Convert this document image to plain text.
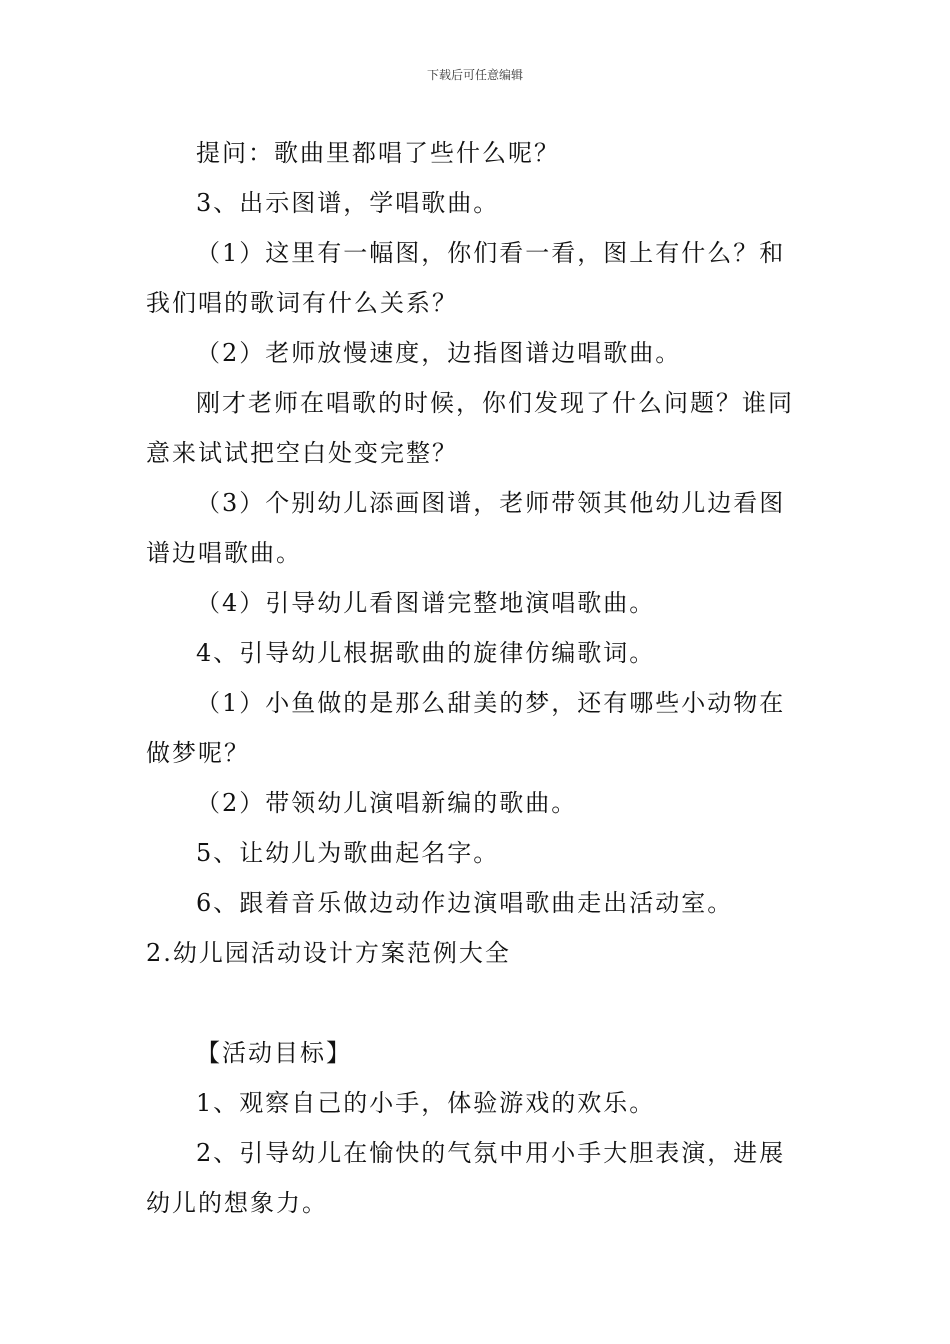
下载后可任意编辑

提问：歌曲里都唱了些什么呢？

3、出示图谱，学唱歌曲。

（1）这里有一幅图，你们看一看，图上有什么？和我们唱的歌词有什么关系？

（2）老师放慢速度，边指图谱边唱歌曲。

刚才老师在唱歌的时候，你们发现了什么问题？谁同意来试试把空白处变完整？

（3）个别幼儿添画图谱，老师带领其他幼儿边看图谱边唱歌曲。

（4）引导幼儿看图谱完整地演唱歌曲。

4、引导幼儿根据歌曲的旋律仿编歌词。

（1）小鱼做的是那么甜美的梦，还有哪些小动物在做梦呢？

（2）带领幼儿演唱新编的歌曲。

5、让幼儿为歌曲起名字。

6、跟着音乐做边动作边演唱歌曲走出活动室。

2.幼儿园活动设计方案范例大全

【活动目标】

1、观察自己的小手，体验游戏的欢乐。

2、引导幼儿在愉快的气氛中用小手大胆表演，进展幼儿的想象力。
